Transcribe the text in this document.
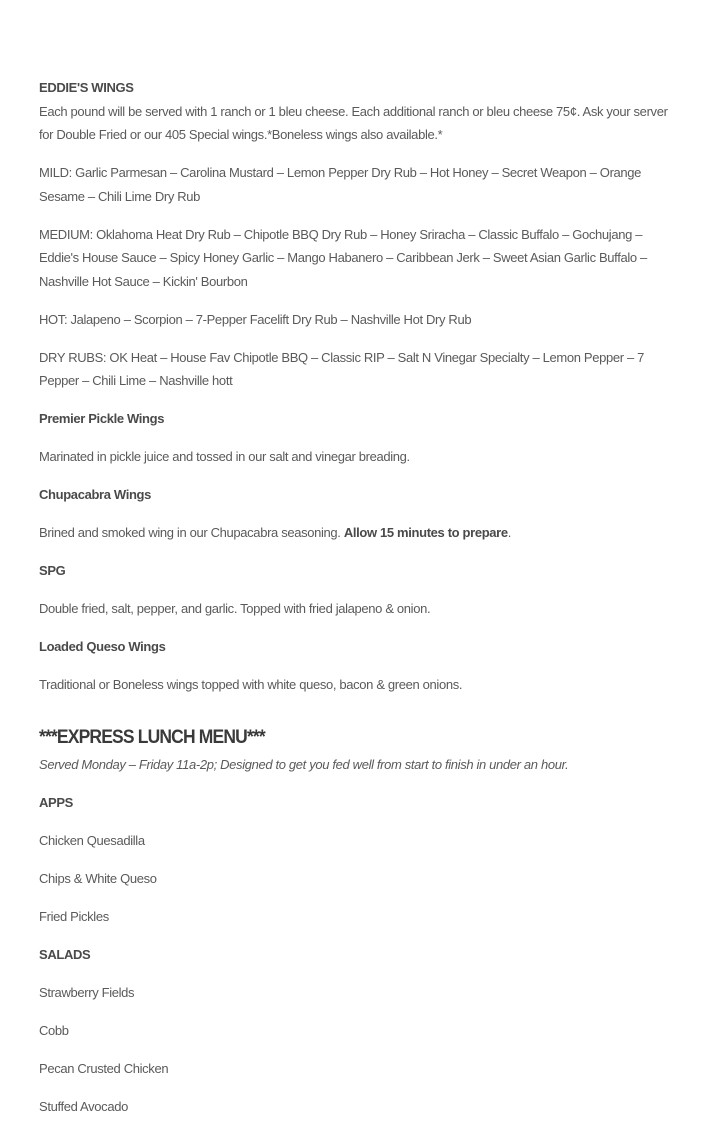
EDDIE'S WINGS
Each pound will be served with 1 ranch or 1 bleu cheese. Each additional ranch or bleu cheese 75¢. Ask your server for Double Fried or our 405 Special wings.*Boneless wings also available.*

MILD: Garlic Parmesan – Carolina Mustard – Lemon Pepper Dry Rub – Hot Honey – Secret Weapon – Orange Sesame – Chili Lime Dry Rub

MEDIUM: Oklahoma Heat Dry Rub – Chipotle BBQ Dry Rub – Honey Sriracha – Classic Buffalo – Gochujang – Eddie's House Sauce – Spicy Honey Garlic – Mango Habanero – Caribbean Jerk – Sweet Asian Garlic Buffalo – Nashville Hot Sauce – Kickin' Bourbon

HOT: Jalapeno – Scorpion – 7-Pepper Facelift Dry Rub – Nashville Hot Dry Rub

DRY RUBS: OK Heat – House Fav Chipotle BBQ – Classic RIP – Salt N Vinegar Specialty – Lemon Pepper – 7 Pepper – Chili Lime – Nashville hott

Premier Pickle Wings

Marinated in pickle juice and tossed in our salt and vinegar breading.

Chupacabra Wings

Brined and smoked wing in our Chupacabra seasoning. Allow 15 minutes to prepare.

SPG

Double fried, salt, pepper, and garlic. Topped with fried jalapeno & onion.

Loaded Queso Wings

Traditional or Boneless wings topped with white queso, bacon & green onions.

***EXPRESS LUNCH MENU***

Served Monday – Friday 11a-2p; Designed to get you fed well from start to finish in under an hour.

APPS

Chicken Quesadilla

Chips & White Queso

Fried Pickles

SALADS

Strawberry Fields

Cobb

Pecan Crusted Chicken

Stuffed Avocado
